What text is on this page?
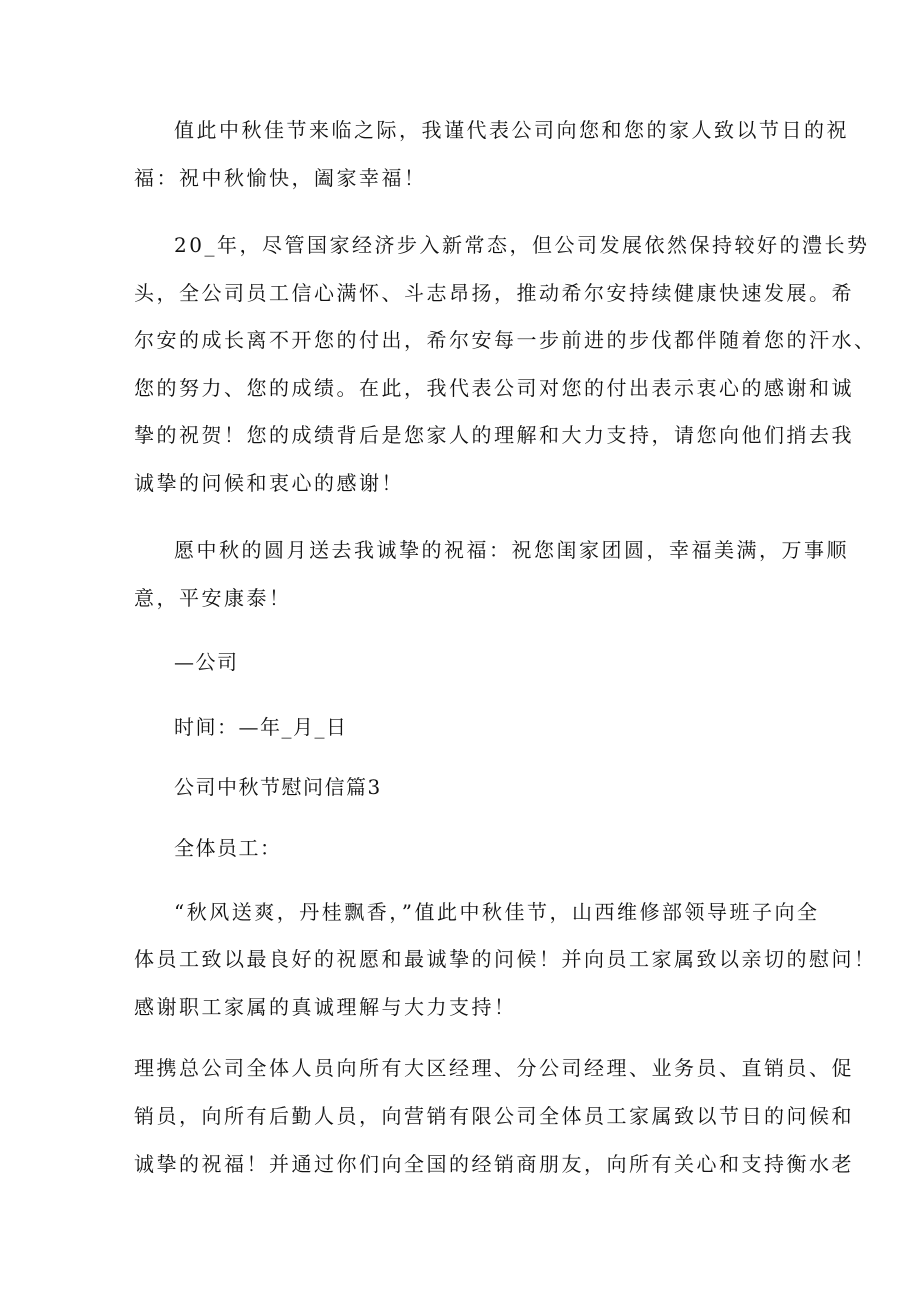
值此中秋佳节来临之际，我谨代表公司向您和您的家人致以节日的祝
福：祝中秋愉快，阖家幸福！
20_年，尽管国家经济步入新常态，但公司发展依然保持较好的澧长势
头，全公司员工信心满怀、斗志昂扬，推动希尔安持续健康快速发展。希
尔安的成长离不开您的付出，希尔安每一步前进的步伐都伴随着您的汗水、
您的努力、您的成绩。在此，我代表公司对您的付出表示衷心的感谢和诚
挚的祝贺！您的成绩背后是您家人的理解和大力支持，请您向他们捎去我
诚挚的问候和衷心的感谢！
愿中秋的圆月送去我诚挚的祝福：祝您闺家团圆，幸福美满，万事顺
意，平安康泰！
—公司
时间：—年_月_日
公司中秋节慰问信篇3
全体员工：
“秋风送爽，丹桂飘香，”值此中秋佳节，山西维修部领导班子向全
体员工致以最良好的祝愿和最诚挚的问候！并向员工家属致以亲切的慰问！
感谢职工家属的真诚理解与大力支持！
理携总公司全体人员向所有大区经理、分公司经理、业务员、直销员、促
销员，向所有后勤人员，向营销有限公司全体员工家属致以节日的问候和
诚挚的祝福！并通过你们向全国的经销商朋友，向所有关心和支持衡水老
